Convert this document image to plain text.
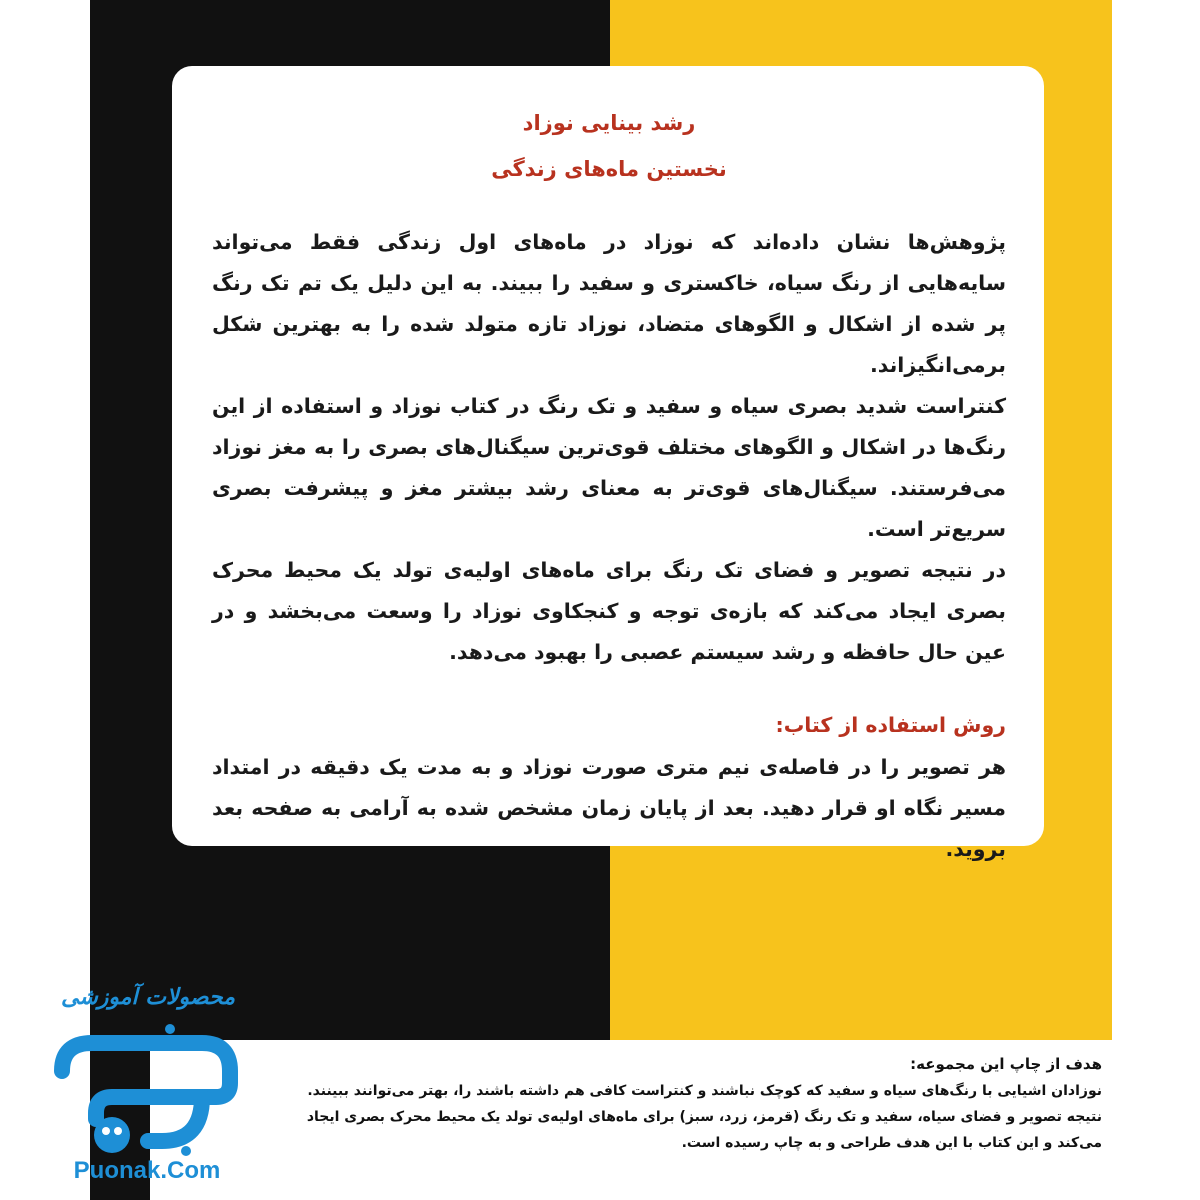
رشد بینایی نوزاد

نخستین ماه‌های زندگی

پژوهش‌ها نشان داده‌اند که نوزاد در ماه‌های اول زندگی فقط می‌تواند سایه‌هایی از رنگ سیاه، خاکستری و سفید را ببیند. به این دلیل یک تم تک رنگ پر شده از اشکال و الگوهای متضاد، نوزاد تازه متولد شده را به بهترین شکل برمی‌انگیزاند.

کنتراست شدید بصری سیاه و سفید و تک رنگ در کتاب نوزاد و استفاده از این رنگ‌ها در اشکال و الگوهای مختلف قوی‌ترین سیگنال‌های بصری را به مغز نوزاد می‌فرستند. سیگنال‌های قوی‌تر به معنای رشد بیشتر مغز و پیشرفت بصری سریع‌تر است.

در نتیجه تصویر و فضای تک رنگ برای ماه‌های اولیه‌ی تولد یک محیط محرک بصری ایجاد می‌کند که بازه‌ی توجه و کنجکاوی نوزاد را وسعت می‌بخشد و در عین حال حافظه و رشد سیستم عصبی را بهبود می‌دهد.

روش استفاده از کتاب:

هر تصویر را در فاصله‌ی نیم متری صورت نوزاد و به مدت یک دقیقه در امتداد مسیر نگاه او قرار دهید. بعد از پایان زمان مشخص شده به آرامی به صفحه بعد بروید.

هدف از چاپ این مجموعه:

نوزادان اشیایی با رنگ‌های سیاه و سفید که کوچک نباشند و کنتراست کافی هم داشته باشند را، بهتر می‌توانند ببینند.

نتیجه تصویر و فضای سیاه، سفید و تک رنگ (قرمز، زرد، سبز) برای ماه‌های اولیه‌ی تولد یک محیط محرک بصری ایجاد

می‌کند و این کتاب با این هدف طراحی و به چاپ رسیده است.

محصولات آموزشی
Puonak.Com
